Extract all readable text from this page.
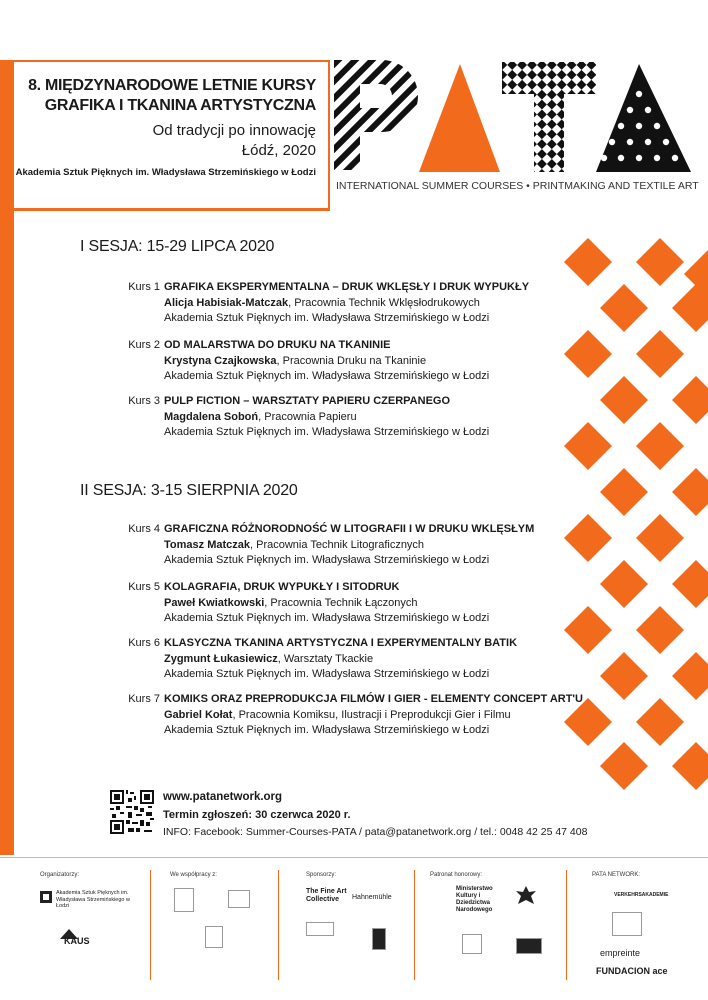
8. MIĘDZYNARODOWE LETNIE KURSY
GRAFIKA I TKANINA ARTYSTYCZNA
Od tradycji po innowację
Łódź, 2020
Akademia Sztuk Pięknych im. Władysława Strzemińskiego w Łodzi
INTERNATIONAL SUMMER COURSES • PRINTMAKING AND TEXTILE ART
I SESJA: 15-29 LIPCA 2020
Kurs 1 GRAFIKA EKSPERYMENTALNA – DRUK WKLĘSŁY I DRUK WYPUKŁY
Alicja Habisiak-Matczak, Pracownia Technik Wklęsłodrukowych
Akademia Sztuk Pięknych im. Władysława Strzemińskiego w Łodzi
Kurs 2 OD MALARSTWA DO DRUKU NA TKANINIE
Krystyna Czajkowska, Pracownia Druku na Tkaninie
Akademia Sztuk Pięknych im. Władysława Strzemińskiego w Łodzi
Kurs 3 PULP FICTION – WARSZTATY PAPIERU CZERPANEGO
Magdalena Soboń, Pracownia Papieru
Akademia Sztuk Pięknych im. Władysława Strzemińskiego w Łodzi
II SESJA: 3-15 SIERPNIA 2020
Kurs 4 GRAFICZNA RÓŻNORODNOŚĆ W LITOGRAFII I W DRUKU WKLĘSŁYM
Tomasz Matczak, Pracownia Technik Litograficznych
Akademia Sztuk Pięknych im. Władysława Strzemińskiego w Łodzi
Kurs 5 KOLAGRAFIA, DRUK WYPUKŁY I SITODRUK
Paweł Kwiatkowski, Pracownia Technik Łączonych
Akademia Sztuk Pięknych im. Władysława Strzemińskiego w Łodzi
Kurs 6 KLASYCZNA TKANINA ARTYSTYCZNA I EXPERYMENTALNY BATIK
Zygmunt Łukasiewicz, Warsztaty Tkackie
Akademia Sztuk Pięknych im. Władysława Strzemińskiego w Łodzi
Kurs 7 KOMIKS ORAZ PREPRODUKCJA FILMÓW I GIER - ELEMENTY CONCEPT ART'U
Gabriel Kołat, Pracownia Komiksu, Ilustracji i Preprodukcji Gier i Filmu
Akademia Sztuk Pięknych im. Władysława Strzemińskiego w Łodzi
www.patanetwork.org
Termin zgłoszeń: 30 czerwca 2020 r.
INFO: Facebook: Summer-Courses-PATA / pata@patanetwork.org / tel.: 0048 42 25 47 408
Organizatorzy:
Akademia Sztuk Pięknych im. Władysława Strzemińskiego w Łodzi
KAUS
We współpracy z:	Sponsorzy:
The Fine Art Collective	Hahnemühle
Patronat honorowy:
Ministerstwo Kultury i Dziedzictwa Narodowego
PATA NETWORK:
VERKEHRSAKADEMIE
empreinte
FUNDACION ace
